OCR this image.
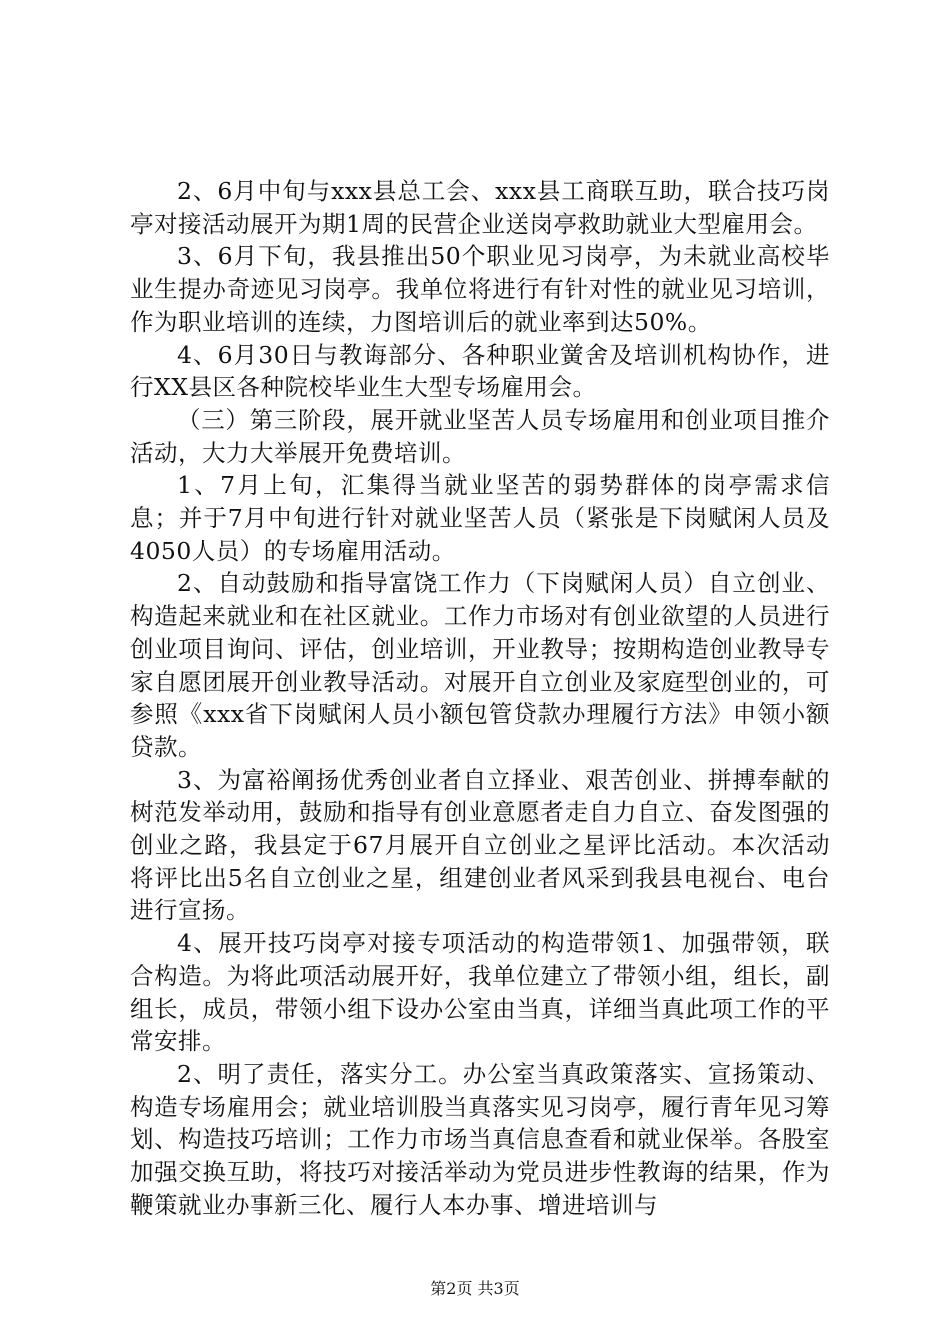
2、6月中旬与xxx县总工会、xxx县工商联互助，联合技巧岗亭对接活动展开为期1周的民营企业送岗亭救助就业大型雇用会。

3、6月下旬，我县推出50个职业见习岗亭，为未就业高校毕业生提办奇迹见习岗亭。我单位将进行有针对性的就业见习培训，作为职业培训的连续，力图培训后的就业率到达50%。

4、6月30日与教诲部分、各种职业黉舍及培训机构协作，进行XX县区各种院校毕业生大型专场雇用会。

（三）第三阶段，展开就业坚苦人员专场雇用和创业项目推介活动，大力大举展开免费培训。

1、7月上旬，汇集得当就业坚苦的弱势群体的岗亭需求信息；并于7月中旬进行针对就业坚苦人员（紧张是下岗赋闲人员及4050人员）的专场雇用活动。

2、自动鼓励和指导富饶工作力（下岗赋闲人员）自立创业、构造起来就业和在社区就业。工作力市场对有创业欲望的人员进行创业项目询问、评估，创业培训，开业教导；按期构造创业教导专家自愿团展开创业教导活动。对展开自立创业及家庭型创业的，可参照《xxx省下岗赋闲人员小额包管贷款办理履行方法》申领小额贷款。

3、为富裕阐扬优秀创业者自立择业、艰苦创业、拼搏奉献的树范发举动用，鼓励和指导有创业意愿者走自力自立、奋发图强的创业之路，我县定于67月展开自立创业之星评比活动。本次活动将评比出5名自立创业之星，组建创业者风采到我县电视台、电台进行宣扬。

4、展开技巧岗亭对接专项活动的构造带领1、加强带领，联合构造。为将此项活动展开好，我单位建立了带领小组，组长，副组长，成员，带领小组下设办公室由当真，详细当真此项工作的平常安排。

2、明了责任，落实分工。办公室当真政策落实、宣扬策动、构造专场雇用会；就业培训股当真落实见习岗亭，履行青年见习筹划、构造技巧培训；工作力市场当真信息查看和就业保举。各股室加强交换互助，将技巧对接活举动为党员进步性教诲的结果，作为鞭策就业办事新三化、履行人本办事、增进培训与

第2页 共3页
